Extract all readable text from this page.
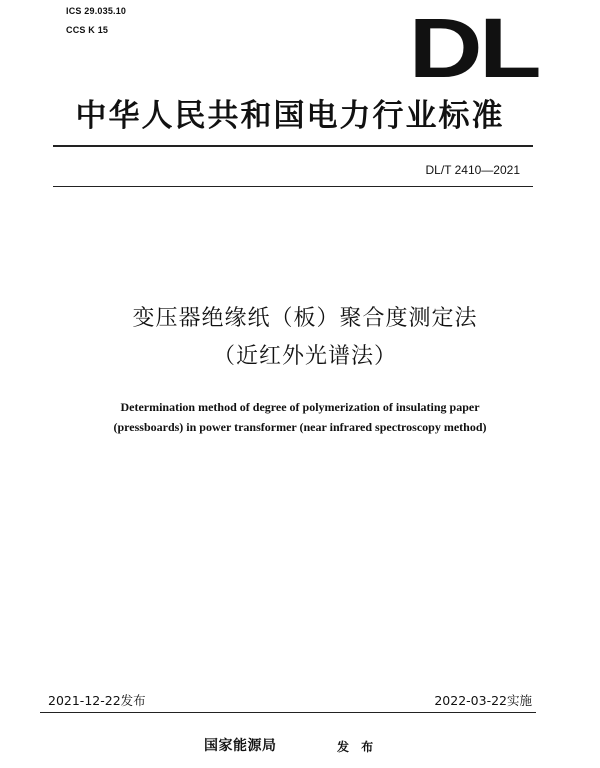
ICS 29.035.10
CCS K 15	DL
中华人民共和国电力行业标准
DL/T 2410—2021
变压器绝缘纸（板）聚合度测定法
（近红外光谱法）
Determination method of degree of polymerization of insulating paper
(pressboards) in power transformer (near infrared spectroscopy method)
2021-12-22发布	2022-03-22实施
国家能源局	发 布
